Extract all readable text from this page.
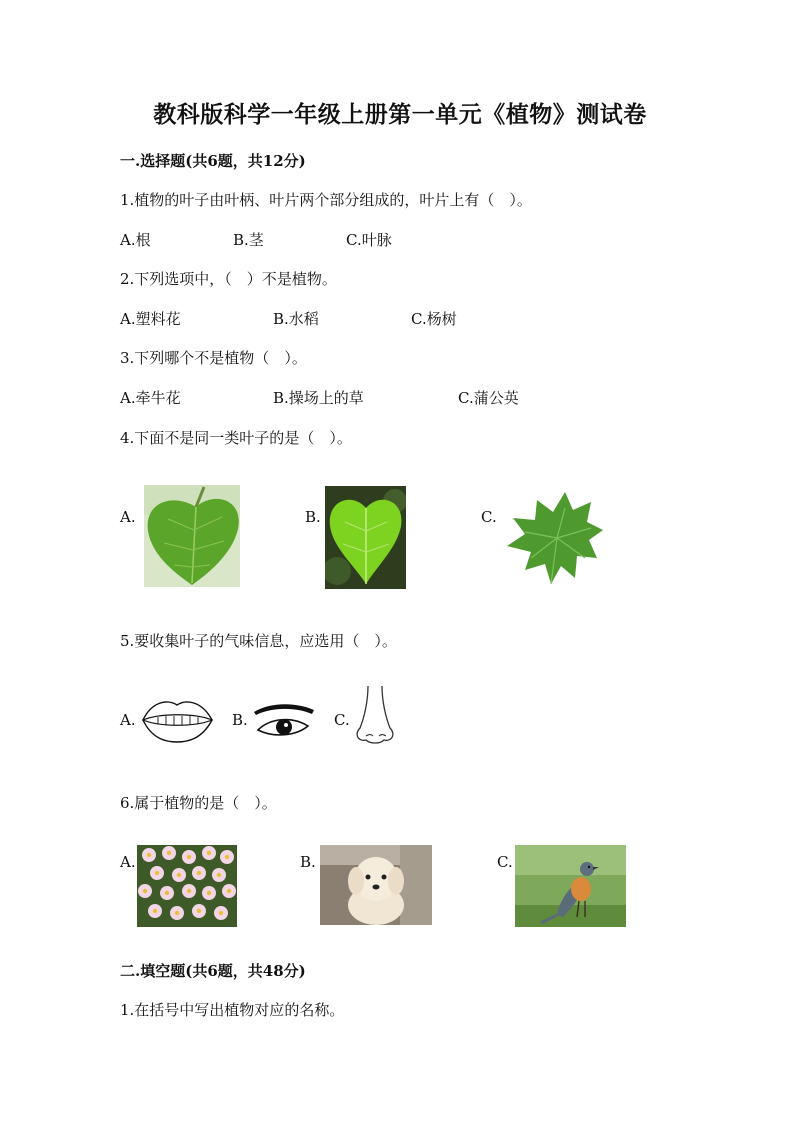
教科版科学一年级上册第一单元《植物》测试卷
一.选择题(共6题，共12分)
1.植物的叶子由叶柄、叶片两个部分组成的，叶片上有（　）。
A.根	B.茎	C.叶脉
2.下列选项中，（　）不是植物。
A.塑料花	B.水稻	C.杨树
3.下列哪个不是植物（　）。
A.牵牛花	B.操场上的草	C.蒲公英
4.下面不是同一类叶子的是（　）。
A.	B.	C.
5.要收集叶子的气味信息，应选用（　）。
A.	B.	C.
6.属于植物的是（　）。
A.	B.	C.
二.填空题(共6题，共48分)
1.在括号中写出植物对应的名称。
